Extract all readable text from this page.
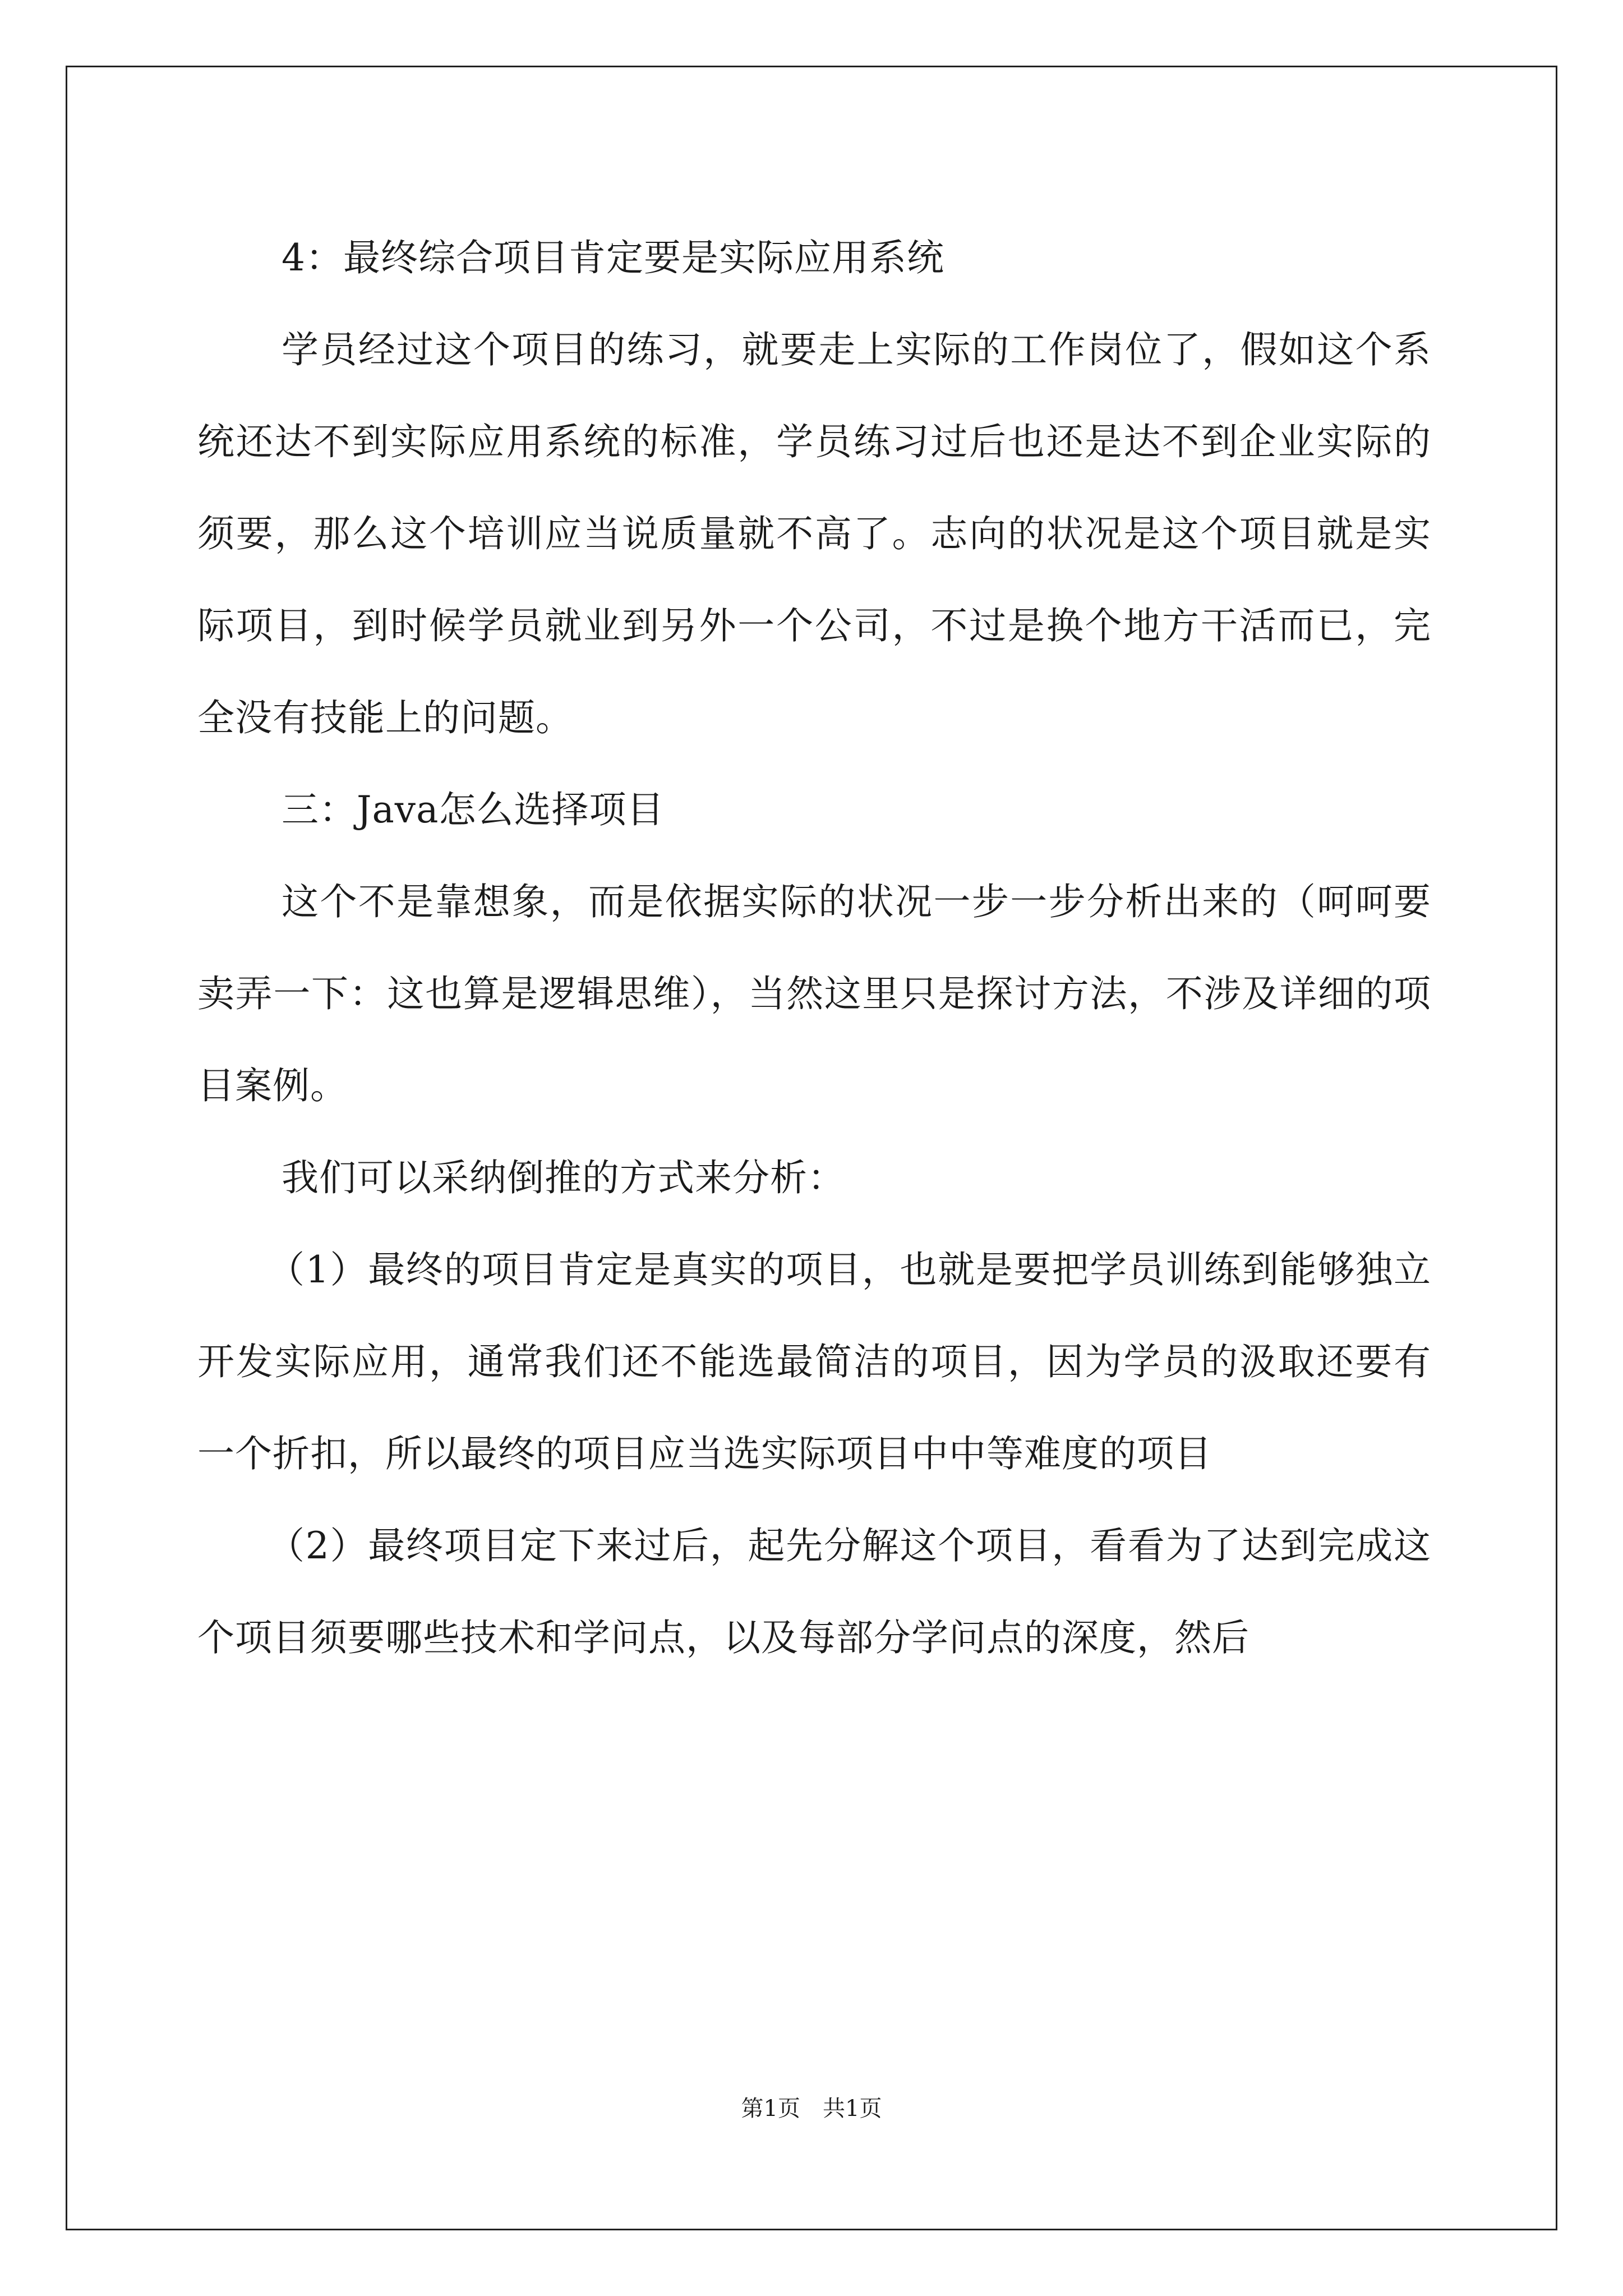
4：最终综合项目肯定要是实际应用系统

学员经过这个项目的练习，就要走上实际的工作岗位了，假如这个系统还达不到实际应用系统的标准，学员练习过后也还是达不到企业实际的须要，那么这个培训应当说质量就不高了。志向的状况是这个项目就是实际项目，到时候学员就业到另外一个公司，不过是换个地方干活而已，完全没有技能上的问题。

三：Java怎么选择项目

这个不是靠想象，而是依据实际的状况一步一步分析出来的（呵呵要卖弄一下：这也算是逻辑思维），当然这里只是探讨方法，不涉及详细的项目案例。

我们可以采纳倒推的方式来分析：

（1）最终的项目肯定是真实的项目，也就是要把学员训练到能够独立开发实际应用，通常我们还不能选最简洁的项目，因为学员的汲取还要有一个折扣，所以最终的项目应当选实际项目中中等难度的项目

（2）最终项目定下来过后，起先分解这个项目，看看为了达到完成这个项目须要哪些技术和学问点，以及每部分学问点的深度，然后

第1页　共1页
